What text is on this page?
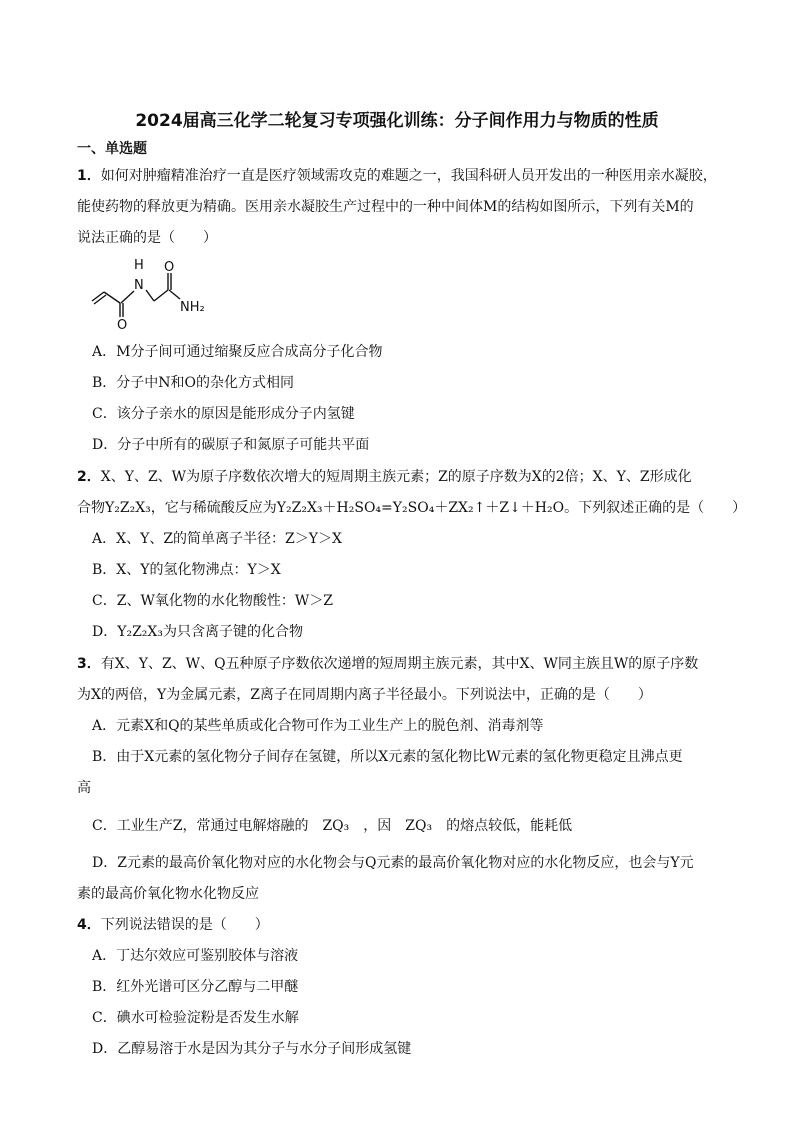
2024届高三化学二轮复习专项强化训练：分子间作用力与物质的性质
一、单选题
1．如何对肿瘤精准治疗一直是医疗领域需攻克的难题之一，我国科研人员开发出的一种医用亲水凝胶，
能使药物的释放更为精确。医用亲水凝胶生产过程中的一种中间体M的结构如图所示，下列有关M的
说法正确的是（　　）
H
N
O
O
NH₂
A．M分子间可通过缩聚反应合成高分子化合物
B．分子中N和O的杂化方式相同
C．该分子亲水的原因是能形成分子内氢键
D．分子中所有的碳原子和氮原子可能共平面
2．X、Y、Z、W为原子序数依次增大的短周期主族元素；Z的原子序数为X的2倍；X、Y、Z形成化
合物Y₂Z₂X₃，它与稀硫酸反应为Y₂Z₂X₃＋H₂SO₄=Y₂SO₄＋ZX₂↑＋Z↓＋H₂O。下列叙述正确的是（　　）
A．X、Y、Z的简单离子半径：Z＞Y＞X
B．X、Y的氢化物沸点：Y＞X
C．Z、W氧化物的水化物酸性：W＞Z
D．Y₂Z₂X₃为只含离子键的化合物
3．有X、Y、Z、W、Q五种原子序数依次递增的短周期主族元素，其中X、W同主族且W的原子序数
为X的两倍，Y为金属元素，Z离子在同周期内离子半径最小。下列说法中，正确的是（　　）
A．元素X和Q的某些单质或化合物可作为工业生产上的脱色剂、消毒剂等
B．由于X元素的氢化物分子间存在氢键，所以X元素的氢化物比W元素的氢化物更稳定且沸点更
高
C．工业生产Z，常通过电解熔融的　ZQ₃　，因　ZQ₃　的熔点较低，能耗低
D．Z元素的最高价氧化物对应的水化物会与Q元素的最高价氧化物对应的水化物反应，也会与Y元
素的最高价氧化物水化物反应
4．下列说法错误的是（　　）
A．丁达尔效应可鉴别胶体与溶液
B．红外光谱可区分乙醇与二甲醚
C．碘水可检验淀粉是否发生水解
D．乙醇易溶于水是因为其分子与水分子间形成氢键
